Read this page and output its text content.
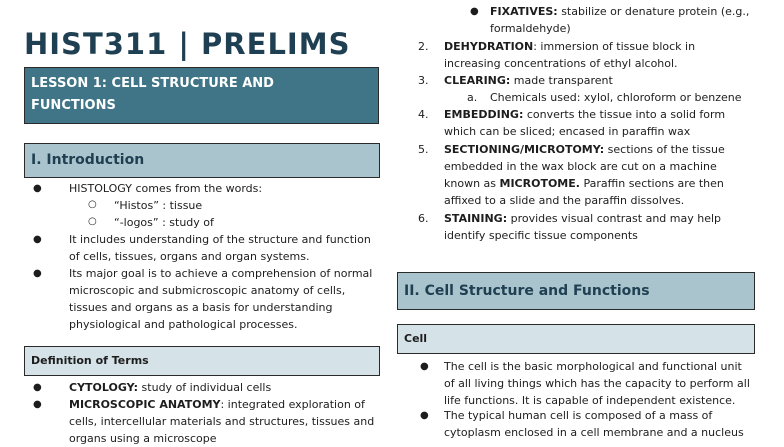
HIST311 | PRELIMS
LESSON 1: CELL STRUCTURE AND
FUNCTIONS
I. Introduction
● HISTOLOGY comes from the words:
○ “Histos” : tissue
○ “-logos” : study of
● It includes understanding of the structure and function
of cells, tissues, organs and organ systems.
● Its major goal is to achieve a comprehension of normal
microscopic and submicroscopic anatomy of cells,
tissues and organs as a basis for understanding
physiological and pathological processes.
Definition of Terms
● CYTOLOGY: study of individual cells
● MICROSCOPIC ANATOMY: integrated exploration of
cells, intercellular materials and structures, tissues and
organs using a microscope
● FIXATIVES: stabilize or denature protein (e.g.,
formaldehyde)
2. DEHYDRATION: immersion of tissue block in
increasing concentrations of ethyl alcohol.
3. CLEARING: made transparent
a. Chemicals used: xylol, chloroform or benzene
4. EMBEDDING: converts the tissue into a solid form
which can be sliced; encased in paraffin wax
5. SECTIONING/MICROTOMY: sections of the tissue
embedded in the wax block are cut on a machine
known as MICROTOME. Paraffin sections are then
affixed to a slide and the paraffin dissolves.
6. STAINING: provides visual contrast and may help
identify specific tissue components
II. Cell Structure and Functions
Cell
● The cell is the basic morphological and functional unit
of all living things which has the capacity to perform all
life functions. It is capable of independent existence.
● The typical human cell is composed of a mass of
cytoplasm enclosed in a cell membrane and a nucleus
